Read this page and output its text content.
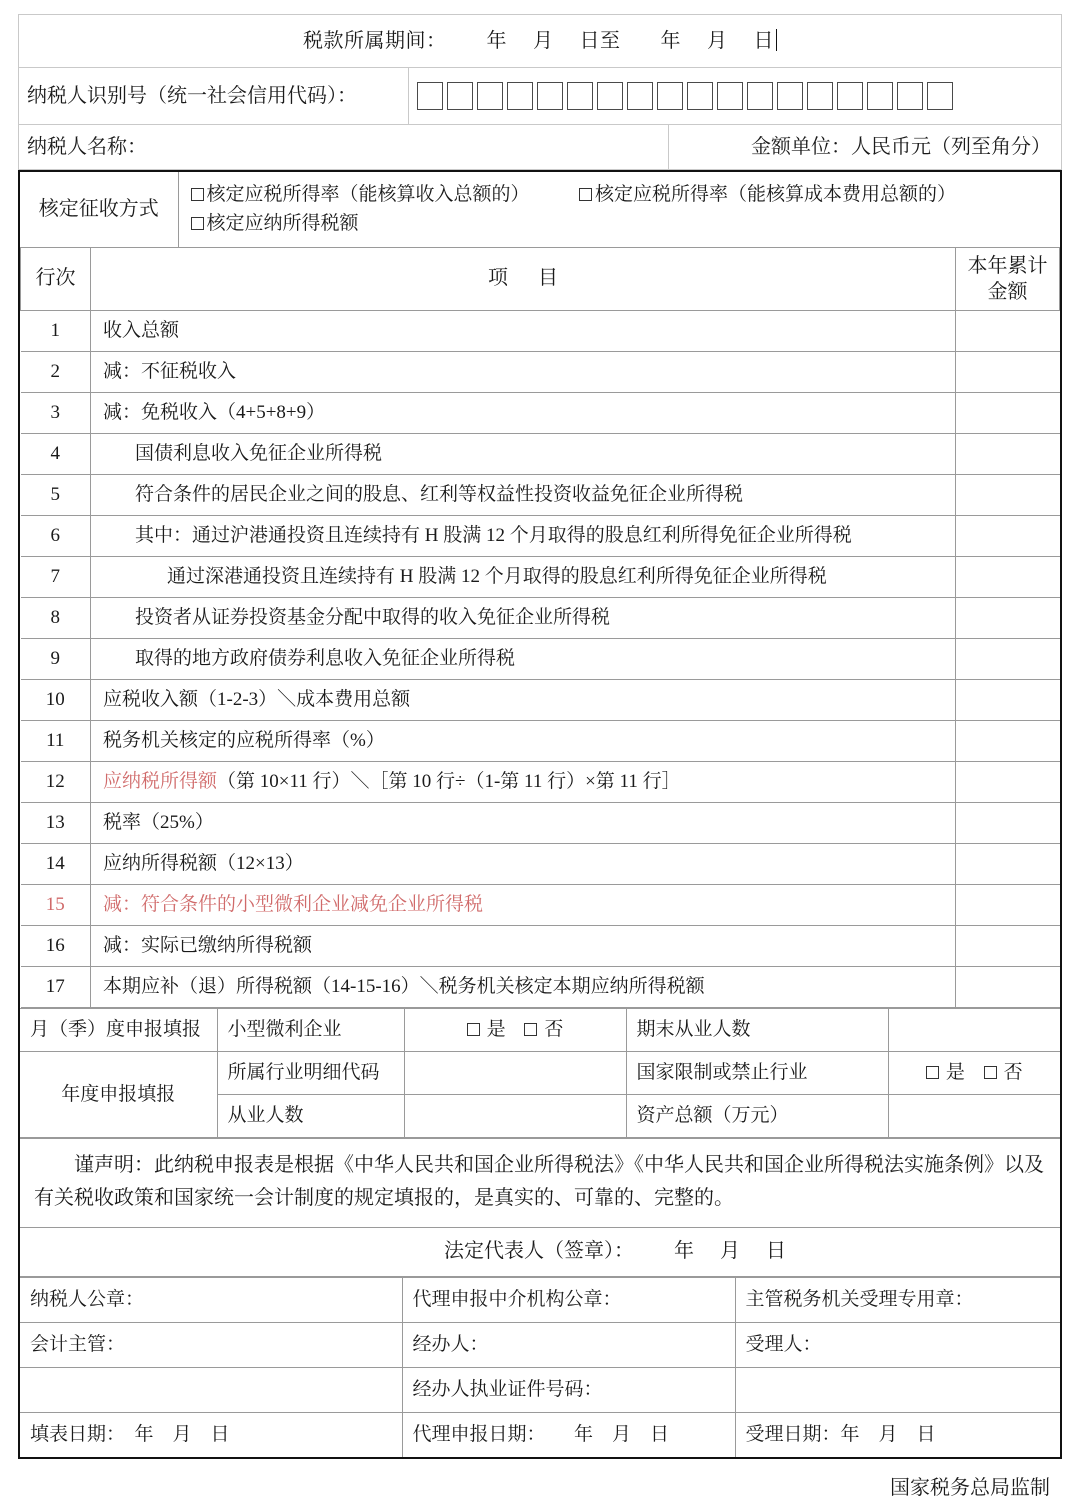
税款所属期间： 年 月 日至 年 月 日		
纳税人识别号（统一社会信用代码）：		
纳税人名称：		金额单位：人民币元（列至角分）
核定征收方式	
核定应税所得率（能核算收入总额的）	核定应税所得率（能核算成本费用总额的）
核定应纳所得税额
行次	项 目	本年累计
金额

1	收入总额	
2	减：不征税收入	
3	减：免税收入（4+5+8+9）	
4	国债利息收入免征企业所得税	
5	符合条件的居民企业之间的股息、红利等权益性投资收益免征企业所得税	
6	其中：通过沪港通投资且连续持有 H 股满 12 个月取得的股息红利所得免征企业所得税	
7	通过深港通投资且连续持有 H 股满 12 个月取得的股息红利所得免征企业所得税	
8	投资者从证券投资基金分配中取得的收入免征企业所得税	
9	取得的地方政府债券利息收入免征企业所得税	
10	应税收入额（1-2-3）＼成本费用总额	
11	税务机关核定的应税所得率（%）	
12	应纳税所得额（第 10×11 行）＼［第 10 行÷（1-第 11 行）×第 11 行］	
13	税率（25%）	
14	应纳所得税额（12×13）	
15	减：符合条件的小型微利企业减免企业所得税	
16	减：实际已缴纳所得税额	
17	本期应补（退）所得税额（14-15-16）＼税务机关核定本期应纳所得税额	
月（季）度申报填报	小型微利企业	是 否	期末从业人数	
年度申报填报	所属行业明细代码		国家限制或禁止行业	是 否
	从业人数		资产总额（万元）	
谨声明：此纳税申报表是根据《中华人民共和国企业所得税法》《中华人民共和国企业所得税法实施条例》以及有关税收政策和国家统一会计制度的规定填报的，是真实的、可靠的、完整的。
法定代表人（签章）： 年 月 日
纳税人公章：	代理申报中介机构公章：	主管税务机关受理专用章：
会计主管：	经办人：	受理人：
	经办人执业证件号码：	
填表日期：　年　月　日	代理申报日期：　　年　月　日	受理日期：年　月　日
国家税务总局监制
